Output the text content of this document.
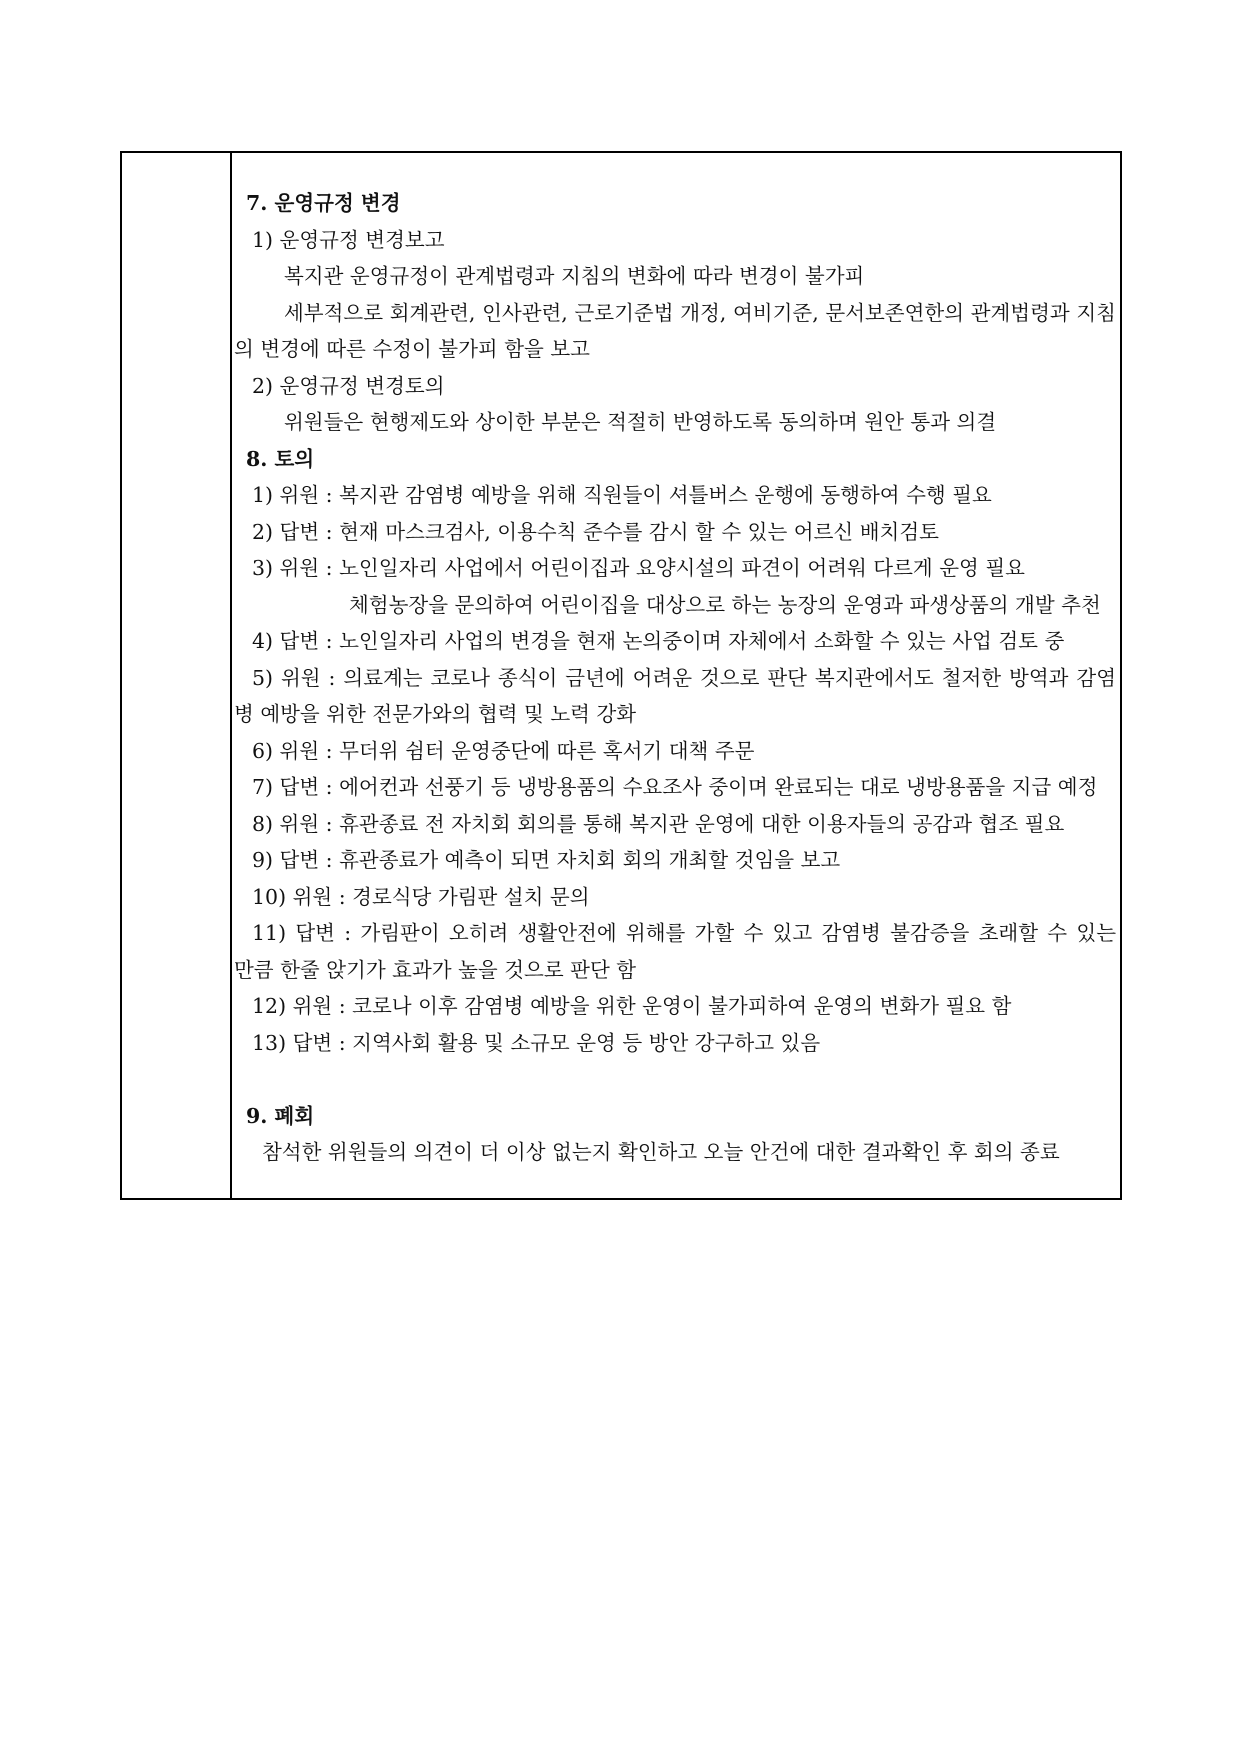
7. 운영규정 변경
1) 운영규정 변경보고
복지관 운영규정이 관계법령과 지침의 변화에 따라 변경이 불가피
세부적으로 회계관련, 인사관련, 근로기준법 개정, 여비기준, 문서보존연한의 관계법령과 지침
의 변경에 따른 수정이 불가피 함을 보고
2) 운영규정 변경토의
위원들은 현행제도와 상이한 부분은 적절히 반영하도록 동의하며 원안 통과 의결
8. 토의
1) 위원 : 복지관 감염병 예방을 위해 직원들이 셔틀버스 운행에 동행하여 수행 필요
2) 답변 : 현재 마스크검사, 이용수칙 준수를 감시 할 수 있는 어르신 배치검토
3) 위원 : 노인일자리 사업에서 어린이집과 요양시설의 파견이 어려워 다르게 운영 필요
체험농장을 문의하여 어린이집을 대상으로 하는 농장의 운영과 파생상품의 개발 추천
4) 답변 : 노인일자리 사업의 변경을 현재 논의중이며 자체에서 소화할 수 있는 사업 검토 중
5) 위원 : 의료계는 코로나 종식이 금년에 어려운 것으로 판단 복지관에서도 철저한 방역과 감염
병 예방을 위한 전문가와의 협력 및 노력 강화
6) 위원 : 무더위 쉼터 운영중단에 따른 혹서기 대책 주문
7) 답변 : 에어컨과 선풍기 등 냉방용품의 수요조사 중이며 완료되는 대로 냉방용품을 지급 예정
8) 위원 : 휴관종료 전 자치회 회의를 통해 복지관 운영에 대한 이용자들의 공감과 협조 필요
9) 답변 : 휴관종료가 예측이 되면 자치회 회의 개최할 것임을 보고
10) 위원 : 경로식당 가림판 설치 문의
11) 답변 : 가림판이 오히려 생활안전에 위해를 가할 수 있고 감염병 불감증을 초래할 수 있는
만큼 한줄 앉기가 효과가 높을 것으로 판단 함
12) 위원 : 코로나 이후 감염병 예방을 위한 운영이 불가피하여 운영의 변화가 필요 함
13) 답변 : 지역사회 활용 및 소규모 운영 등 방안 강구하고 있음
9. 폐회
참석한 위원들의 의견이 더 이상 없는지 확인하고 오늘 안건에 대한 결과확인 후 회의 종료
